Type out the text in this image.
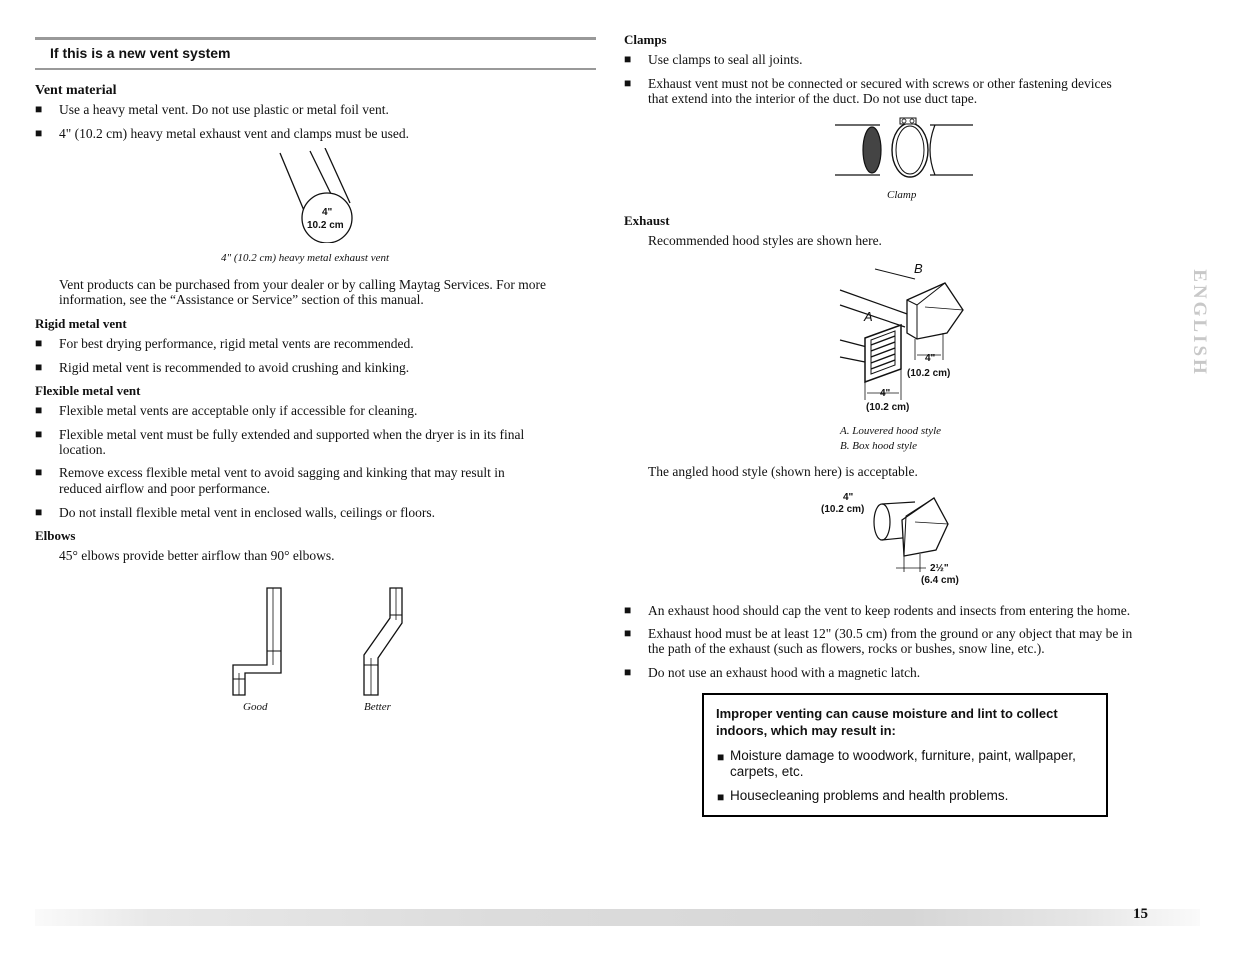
If this is a new vent system
Vent material
■ Use a heavy metal vent. Do not use plastic or metal foil vent.
■ 4" (10.2 cm) heavy metal exhaust vent and clamps must be used.
4"
10.2 cm
4" (10.2 cm) heavy metal exhaust vent
Vent products can be purchased from your dealer or by calling Maytag Services. For more
information, see the “Assistance or Service” section of this manual.
Rigid metal vent
■ For best drying performance, rigid metal vents are recommended.
■ Rigid metal vent is recommended to avoid crushing and kinking.
Flexible metal vent
■ Flexible metal vents are acceptable only if accessible for cleaning.
■ Flexible metal vent must be fully extended and supported when the dryer is in its final
location.
■ Remove excess flexible metal vent to avoid sagging and kinking that may result in
reduced airflow and poor performance.
■ Do not install flexible metal vent in enclosed walls, ceilings or floors.
Elbows
45° elbows provide better airflow than 90° elbows.
Good	Better
Clamps
■ Use clamps to seal all joints.
■ Exhaust vent must not be connected or secured with screws or other fastening devices
that extend into the interior of the duct. Do not use duct tape.
Clamp
Exhaust
Recommended hood styles are shown here.
B
A
4"
(10.2 cm)
4"
(10.2 cm)
A. Louvered hood style
B. Box hood style
The angled hood style (shown here) is acceptable.
4"
(10.2 cm)
2½"
(6.4 cm)
■ An exhaust hood should cap the vent to keep rodents and insects from entering the home.
■ Exhaust hood must be at least 12" (30.5 cm) from the ground or any object that may be in
the path of the exhaust (such as flowers, rocks or bushes, snow line, etc.).
■ Do not use an exhaust hood with a magnetic latch.
Improper venting can cause moisture and lint to collect
indoors, which may result in:
■ Moisture damage to woodwork, furniture, paint, wallpaper,
carpets, etc.
■ Housecleaning problems and health problems.
ENGLISH
15
